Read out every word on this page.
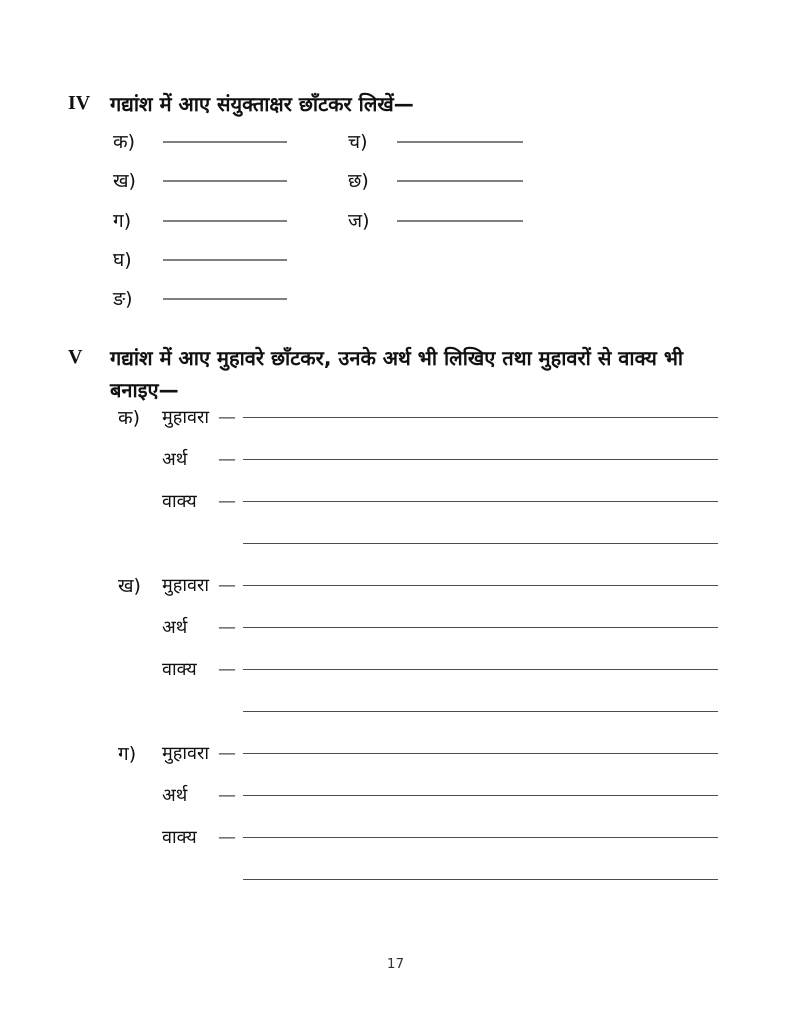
IV गद्यांश में आए संयुक्ताक्षर छाँटकर लिखें—
क)	च)
ख)	छ)
ग)	ज)
घ)
ङ)
V	गद्यांश में आए मुहावरे छाँटकर, उनके अर्थ भी लिखिए तथा मुहावरों से वाक्य भी
बनाइए—
क) मुहावरा —
अर्थ —
वाक्य —
ख) मुहावरा —
अर्थ —
वाक्य —
ग) मुहावरा —
अर्थ —
वाक्य —
17
